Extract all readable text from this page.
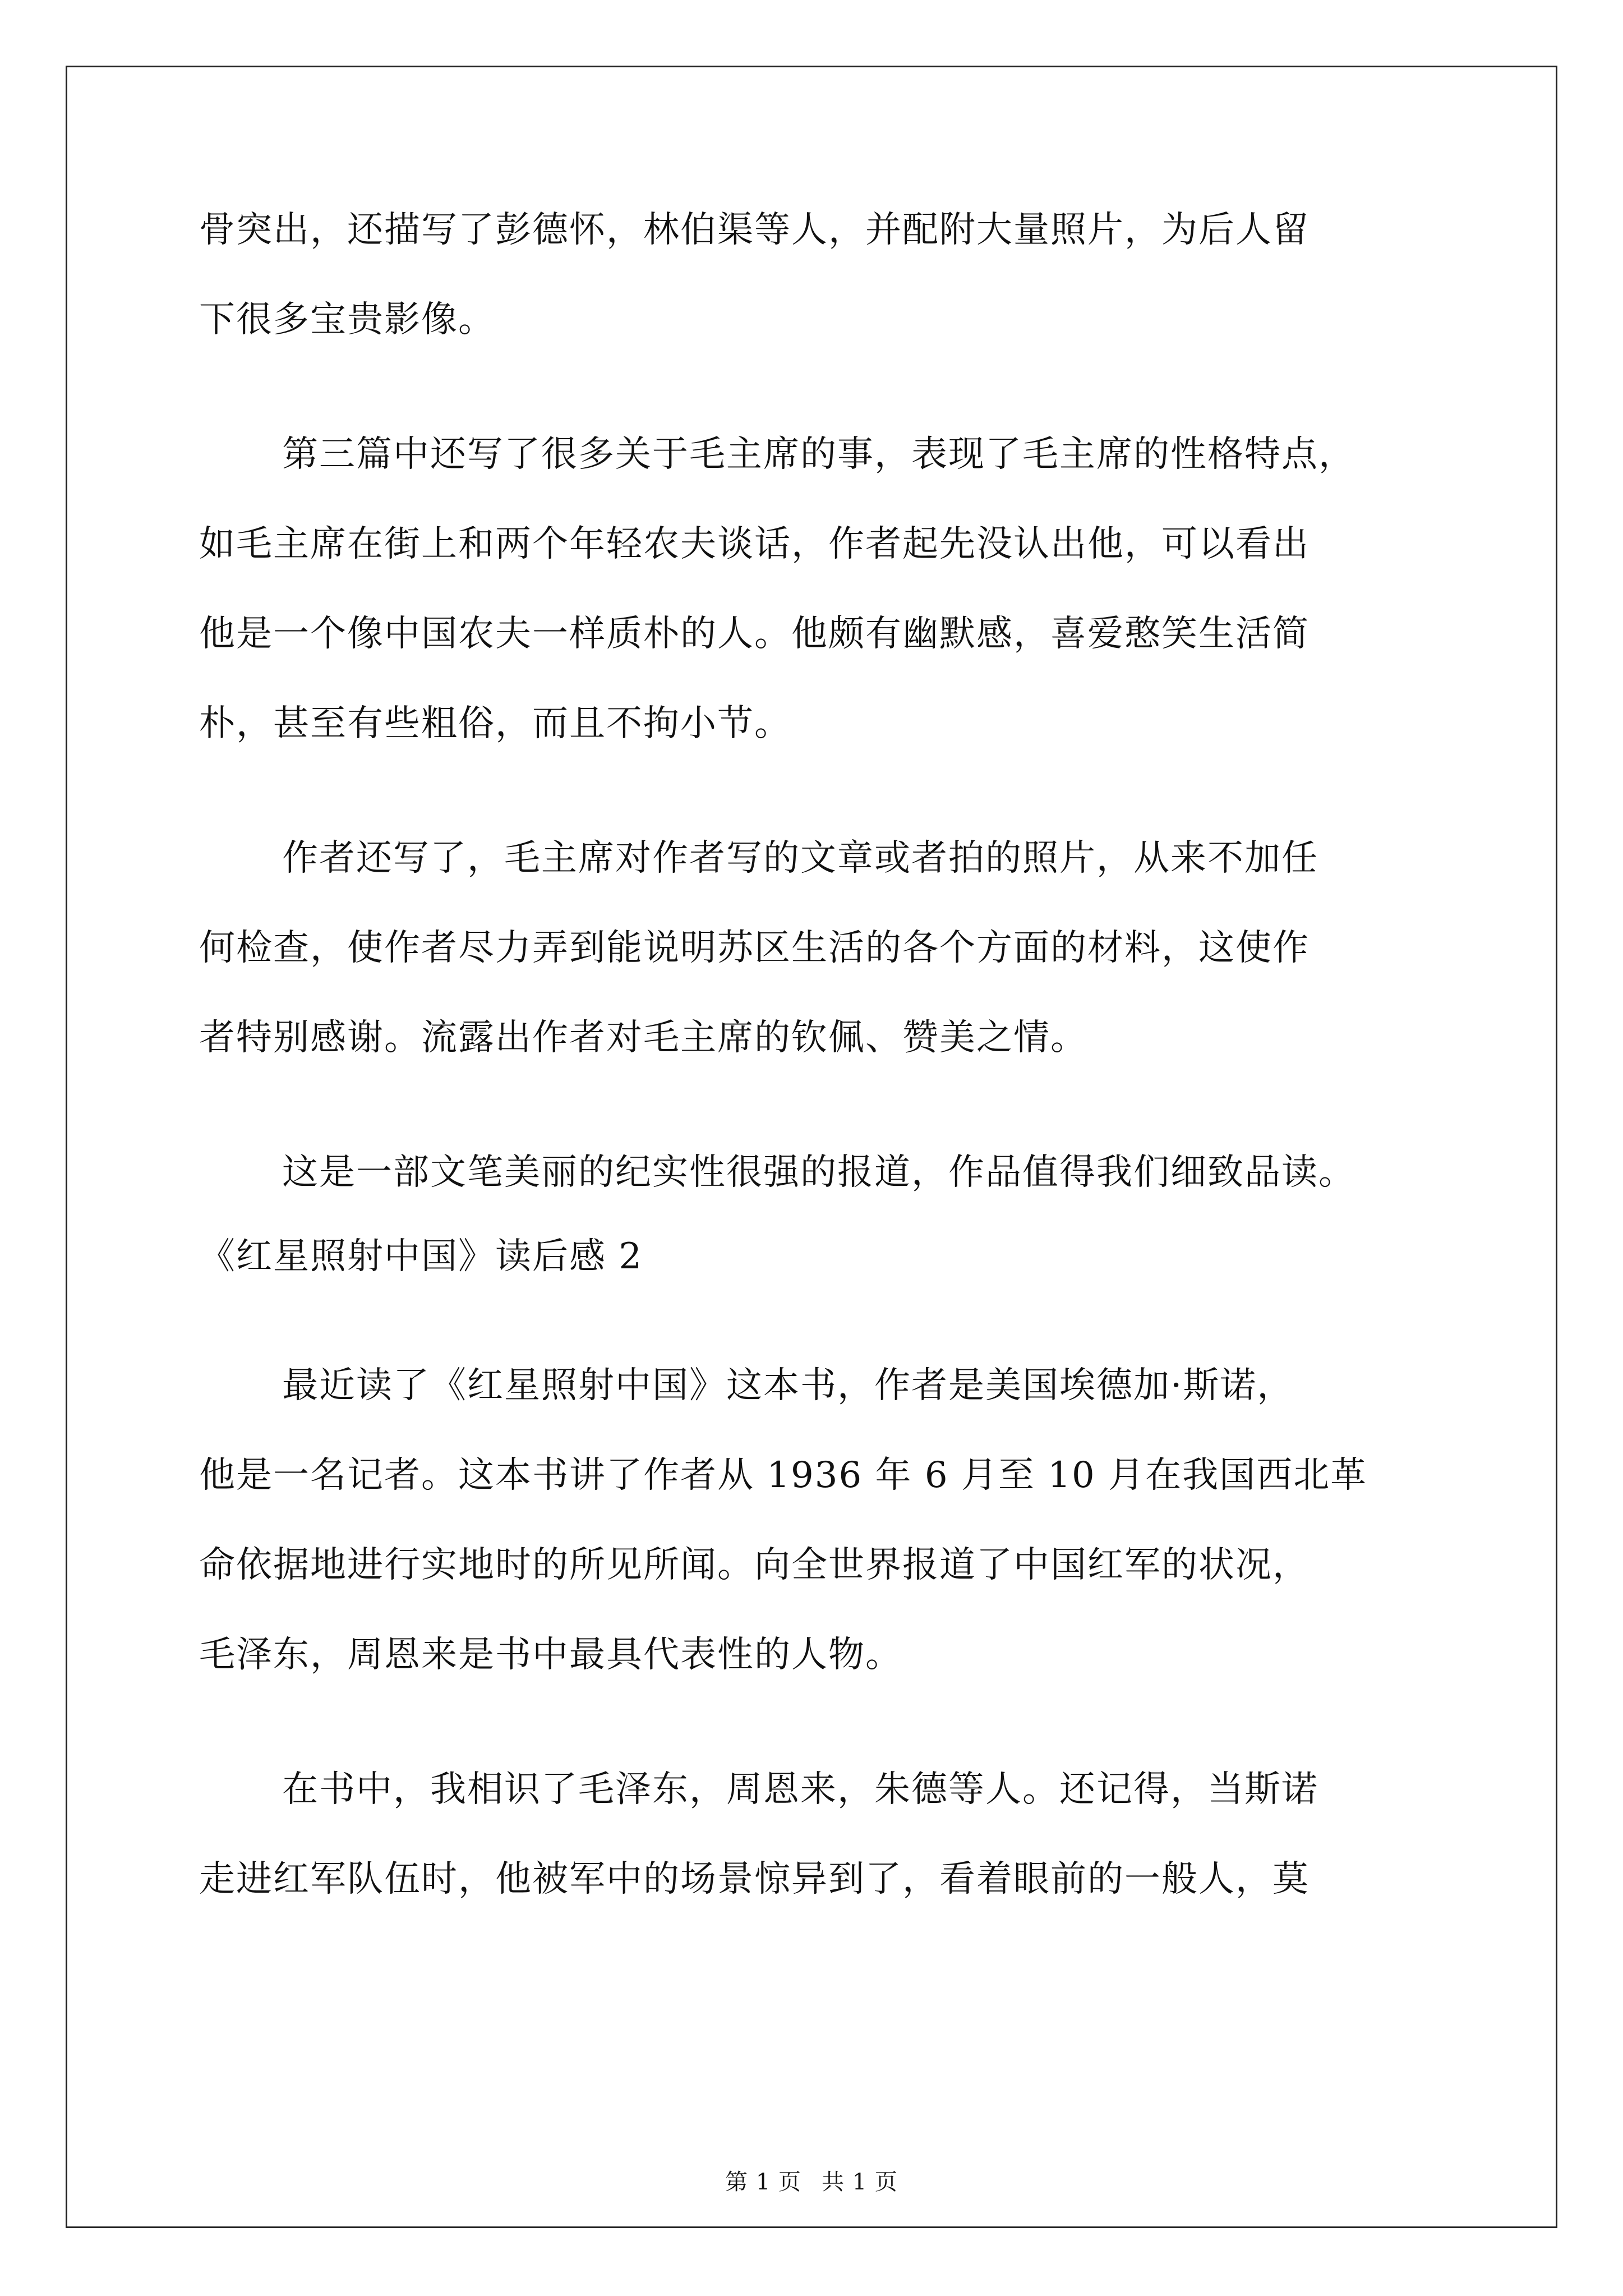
骨突出，还描写了彭德怀，林伯渠等人，并配附大量照片，为后人留
下很多宝贵影像。
第三篇中还写了很多关于毛主席的事，表现了毛主席的性格特点，
如毛主席在街上和两个年轻农夫谈话，作者起先没认出他，可以看出
他是一个像中国农夫一样质朴的人。他颇有幽默感，喜爱憨笑生活简
朴，甚至有些粗俗，而且不拘小节。
作者还写了，毛主席对作者写的文章或者拍的照片，从来不加任
何检查，使作者尽力弄到能说明苏区生活的各个方面的材料，这使作
者特别感谢。流露出作者对毛主席的钦佩、赞美之情。
这是一部文笔美丽的纪实性很强的报道，作品值得我们细致品读。
《红星照射中国》读后感 2
最近读了《红星照射中国》这本书，作者是美国埃德加·斯诺，
他是一名记者。这本书讲了作者从 1936 年 6 月至 10 月在我国西北革
命依据地进行实地时的所见所闻。向全世界报道了中国红军的状况，
毛泽东，周恩来是书中最具代表性的人物。
在书中，我相识了毛泽东，周恩来，朱德等人。还记得，当斯诺
走进红军队伍时，他被军中的场景惊异到了，看着眼前的一般人，莫
第 1 页 共 1 页
